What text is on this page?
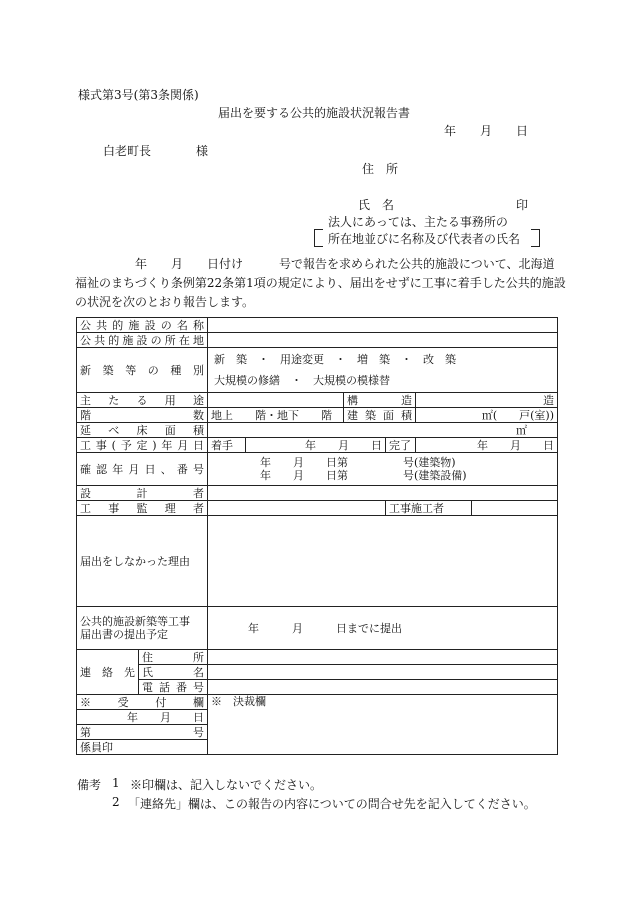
様式第3号(第3条関係)
届出を要する公共的施設状況報告書
年　　月　　日
白老町長	様
住　所
氏　名	印
法人にあっては、主たる事務所の
所在地並びに名称及び代表者の氏名
年　　月　　日付け　　　号で報告を求められた公共的施設について、北海道
福祉のまちづくり条例第22条第1項の規定により、届出をせずに工事に着手した公共的施設
の状況を次のとおり報告します。
公共的施設の名称							
公共的施設の所在地							
新築等の種別		新　築　・　用途変更　・　増　築　・　改　築
大規模の修繕　・　大規模の模様替					

主たる用途				構　造		造	
階数		地上　　階・地下　　階		建築面積		㎡(　　戸(室))	
延べ床面積		㎡					
工事(予定)年月日		着手	年　　月　　日		完了	年　　月　　日	
確認年月日、番号		年　　月　　日第　　　　　号(建築物)
年　　月　　日第　　　　　号(建築設備)					

設計者							
工事監理者					工事施工者		
届出をしなかった理由							

公共的施設新築等工事
届出書の提出予定		年　　　月　　　日までに提出					
連絡先	住所						
	氏名						
	電話番号						
※受付欄		※　決裁欄					
年　　月　　日							
第 号							

係員印							
備考 1 ※印欄は、記入しないでください。
2 「連絡先」欄は、この報告の内容についての問合せ先を記入してください。
